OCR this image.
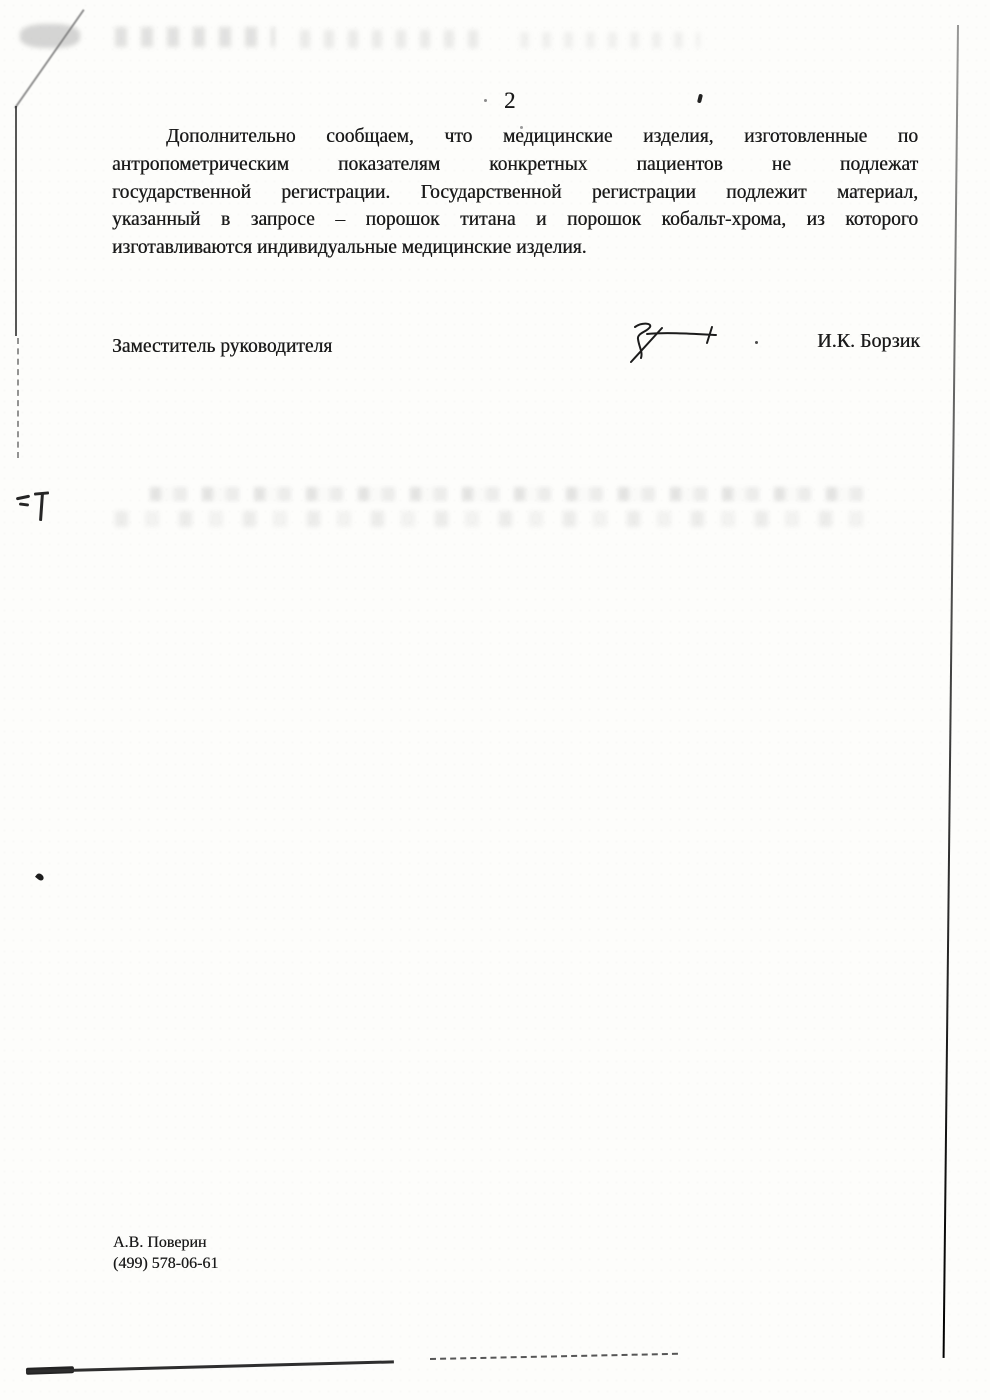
2
Дополнительно сообщаем, что медицинские изделия, изготовленные по
антропометрическим показателям конкретных пациентов не подлежат
государственной регистрации. Государственной регистрации подлежит материал,
указанный в запросе – порошок титана и порошок кобальт-хрома, из которого
изготавливаются индивидуальные медицинские изделия.
Заместитель руководителя	И.К. Борзик
А.В. Поверин
(499) 578-06-61
